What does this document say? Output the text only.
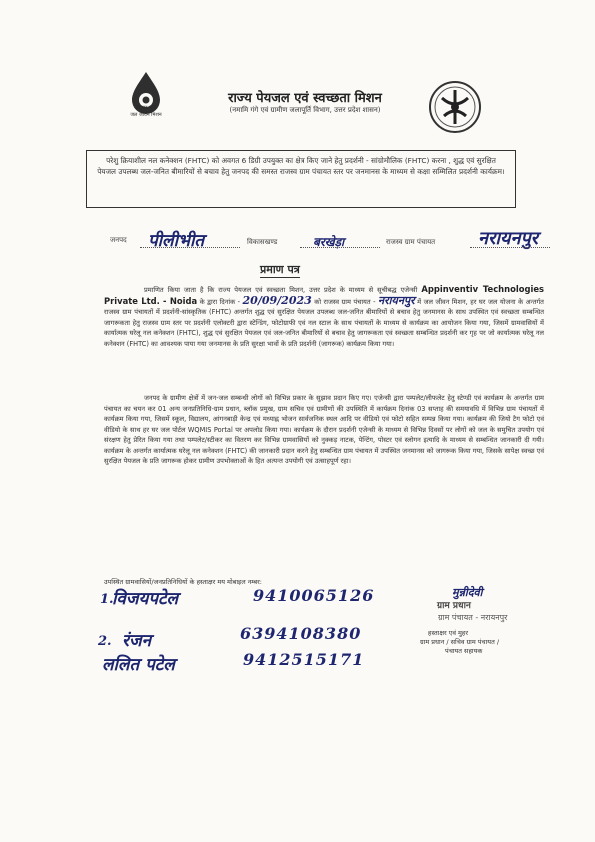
हर घर जल
जल जीवन मिशन
राज्य पेयजल एवं स्वच्छता मिशन
(नमामि गंगे एवं ग्रामीण जलापूर्ति विभाग, उत्तर प्रदेश शासन)
परेशु क्रियाशील नल कनेक्शन (FHTC) को अवगत 6 डिग्री उपयुक्त का क्षेत्र किए जाने हेतु प्रदर्शनी - सांग्रोमौलिक (FHTC) करना , शुद्ध एवं सुरक्षित पेयजल उपलब्ध जल-जनित बीमारियों से बचाव हेतु जनपद की समस्त राजस्व ग्राम पंचायत स्तर पर जनमानस के माध्यम से कक्षा सम्मिलित प्रदर्शनी कार्यक्रम।
जनपद पीलीभीत	विकासखण्ड	बरखेड़ा	राजस्व ग्राम पंचायत नरायनपुर
प्रमाण पत्र
प्रमाणित किया जाता है कि राज्य पेयजल एवं स्वच्छता मिशन, उत्तर प्रदेश के माध्यम से सूचीबद्ध एजेन्सी Appinventiv Technologies Private Ltd. - Noida के द्वारा दिनांक - 20/09/2023 को राजस्व ग्राम पंचायत - नरायनपुर में जल जीवन मिशन, हर घर जल योजना के अन्तर्गत राजस्व ग्राम पंचायतों में प्रदर्शनी-सांस्कृतिक (FHTC) अन्तर्गत शुद्ध एवं सुरक्षित पेयजल उपलब्ध जल-जनित बीमारियों से बचाव हेतु जनमानस के साथ उपस्थित एवं स्वच्छता सम्बन्धित जागरूकता हेतु राजस्व ग्राम स्तर पर प्रदर्शनी एलोक्टरी द्वारा स्टेन्डिंग, फोटोग्राफी एवं नल स्टाल के साथ पंचायतों के माध्यम से कार्यक्रम का आयोजन किया गया, जिसमें ग्रामवासियों में कार्यात्मक घरेलू नल कनेक्शन (FHTC), शुद्ध एवं सुरक्षित पेयजल एवं जल-जनित बीमारियों से बचाव हेतु जागरूकता एवं स्वच्छता सम्बन्धित प्रदर्शनी कर गृह पर जो कार्यात्मक घरेलू नल कनेक्शन (FHTC) का आवश्यक पाया गया जनमानस के प्रति सुरक्षा भावों के प्रति प्रदर्शनी (जागरूक) कार्यक्रम किया गया।
जनपद के ग्रामीण क्षेत्रों में जन-जल सम्बन्धी लोगों को विभिन्न प्रकार के सुझाव प्रदान किए गए। एजेन्सी द्वारा पम्पलेट/लीफलेट हेतु स्टेण्डी एवं कार्यक्रम के अन्तर्गत ग्राम पंचायत का चयन कर 01 अन्य जनप्रतिनिधि-ग्राम प्रधान, ब्लॉक प्रमुख, ग्राम सचिव एवं ग्रामीणों की उपस्थिति में कार्यक्रम दिनांक 03 सप्ताह की समयावधि में विभिन्न ग्राम पंचायतों में कार्यक्रम किया गया, जिसमें स्कूल, विद्यालय, आंगनबाड़ी केन्द्र एवं मध्याह्न भोजन सार्वजनिक स्थल आदि पर वीडियो एवं फोटो सहित सम्पन्न किया गया। कार्यक्रम की जियो टैग फोटो एवं वीडियो के साथ हर घर जल पोर्टल WQMIS Portal पर अपलोड किया गया। कार्यक्रम के दौरान प्रदर्शनी एजेन्सी के माध्यम से विभिन्न दिवसों पर लोगों को जल के समुचित उपयोग एवं संरक्षण हेतु प्रेरित किया गया तथा पम्पलेट/स्टीकर का वितरण कर विभिन्न ग्रामवासियों को नुक्कड़ नाटक, पेन्टिंग, पोस्टर एवं स्लोगन इत्यादि के माध्यम से सम्बन्धित जानकारी दी गयी। कार्यक्रम के अन्तर्गत कार्यात्मक घरेलू नल कनेक्शन (FHTC) की जानकारी प्रदान करने हेतु सम्बन्धित ग्राम पंचायत में उपस्थित जनमानस को जागरूक किया गया, जिसके सापेक्ष स्वच्छ एवं सुरक्षित पेयजल के प्रति जागरूक होकर ग्रामीण उपभोक्ताओं के हित अत्यन्त उपयोगी एवं उत्साहपूर्ण रहा।
उपस्थित ग्रामवासियों/जनप्रतिनिधियों के हस्ताक्षर मय मोबाइल नम्बर:
मुन्नीदेवी
ग्राम प्रधान
ग्राम पंचायत - नरायनपुर
हस्ताक्षर एवं मुहर
ग्राम प्रधान / सचिव ग्राम पंचायत /
पंचायत सहायक
1.
विजयपटेल	9410065126
2. रंजन	6394108380
ललित पटेल	9412515171
